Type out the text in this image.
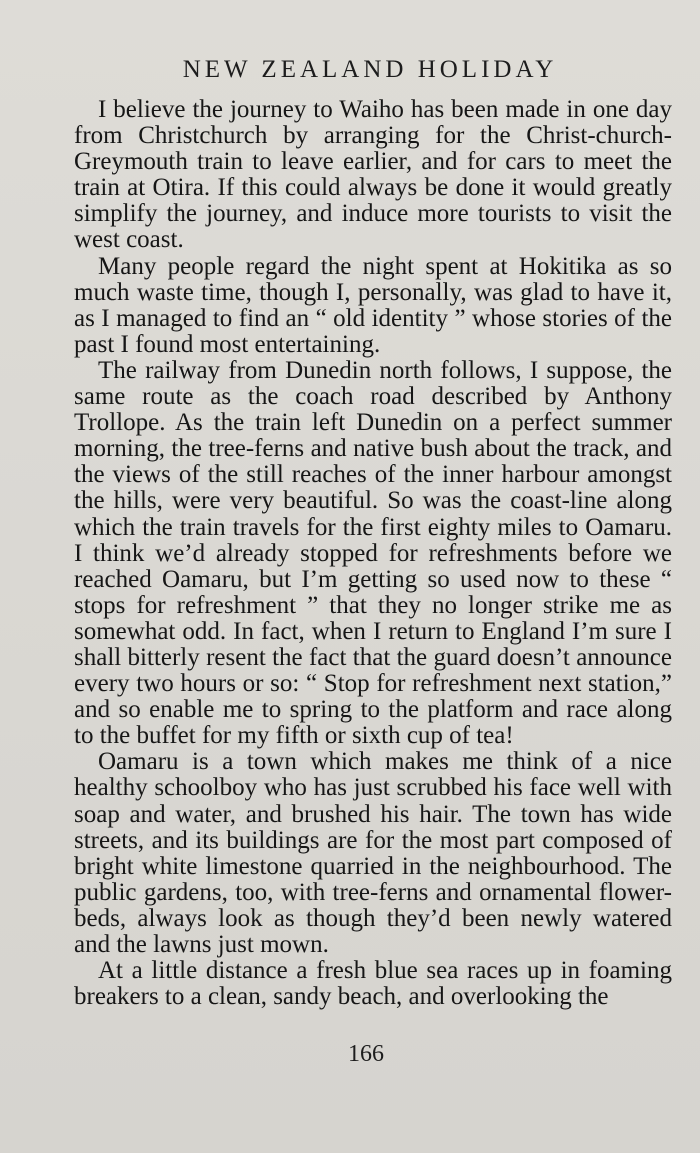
NEW ZEALAND HOLIDAY

I believe the journey to Waiho has been made in one day from Christchurch by arranging for the Christ-church-Greymouth train to leave earlier, and for cars to meet the train at Otira. If this could always be done it would greatly simplify the journey, and induce more tourists to visit the west coast.

Many people regard the night spent at Hokitika as so much waste time, though I, personally, was glad to have it, as I managed to find an “ old identity ” whose stories of the past I found most entertaining.

The railway from Dunedin north follows, I suppose, the same route as the coach road described by Anthony Trollope. As the train left Dunedin on a perfect summer morning, the tree-ferns and native bush about the track, and the views of the still reaches of the inner harbour amongst the hills, were very beautiful. So was the coast-line along which the train travels for the first eighty miles to Oamaru. I think we’d already stopped for refreshments before we reached Oamaru, but I’m getting so used now to these “ stops for refreshment ” that they no longer strike me as somewhat odd. In fact, when I return to England I’m sure I shall bitterly resent the fact that the guard doesn’t announce every two hours or so: “ Stop for refreshment next station,” and so enable me to spring to the platform and race along to the buffet for my fifth or sixth cup of tea!

Oamaru is a town which makes me think of a nice healthy schoolboy who has just scrubbed his face well with soap and water, and brushed his hair. The town has wide streets, and its buildings are for the most part composed of bright white limestone quarried in the neighbourhood. The public gardens, too, with tree-ferns and ornamental flower-beds, always look as though they’d been newly watered and the lawns just mown.

At a little distance a fresh blue sea races up in foaming breakers to a clean, sandy beach, and overlooking the

166
